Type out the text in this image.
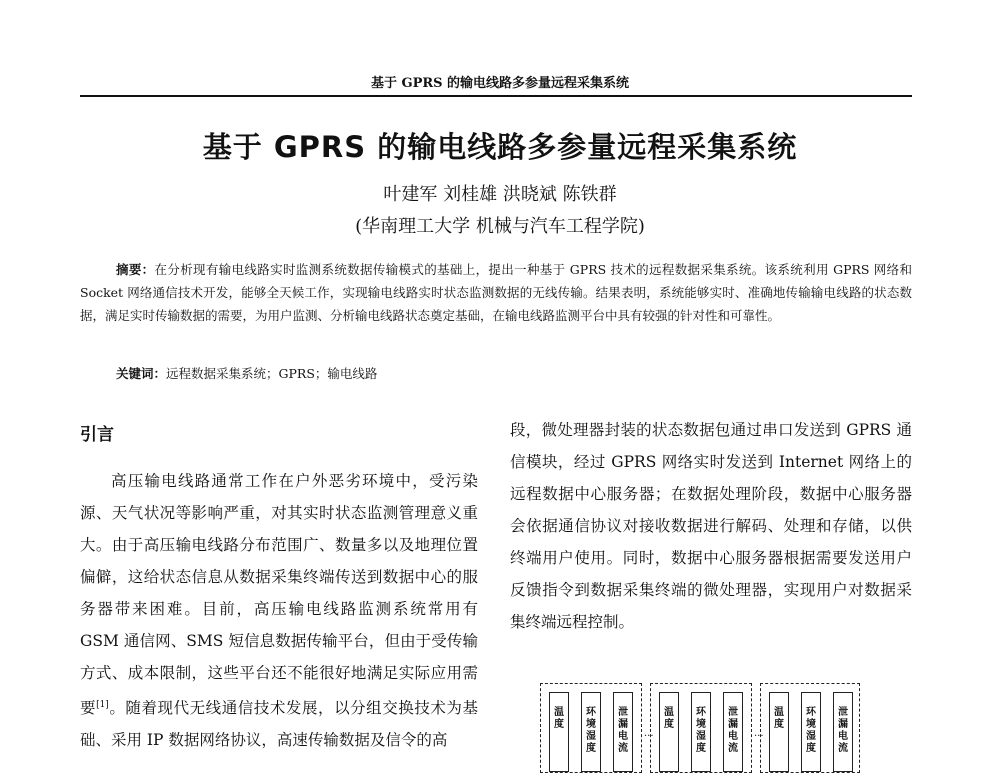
基于 GPRS 的输电线路多参量远程采集系统
基于 GPRS 的输电线路多参量远程采集系统
叶建军 刘桂雄 洪晓斌 陈铁群
(华南理工大学 机械与汽车工程学院)
摘要：在分析现有输电线路实时监测系统数据传输模式的基础上，提出一种基于 GPRS 技术的远程数据采集系统。该系统利用 GPRS 网络和 Socket 网络通信技术开发，能够全天候工作，实现输电线路实时状态监测数据的无线传输。结果表明，系统能够实时、准确地传输输电线路的状态数据，满足实时传输数据的需要，为用户监测、分析输电线路状态奠定基础，在输电线路监测平台中具有较强的针对性和可靠性。
关键词：远程数据采集系统；GPRS；输电线路
引言
高压输电线路通常工作在户外恶劣环境中，受污染源、天气状况等影响严重，对其实时状态监测管理意义重大。由于高压输电线路分布范围广、数量多以及地理位置偏僻，这给状态信息从数据采集终端传送到数据中心的服务器带来困难。目前，高压输电线路监测系统常用有 GSM 通信网、SMS 短信息数据传输平台，但由于受传输方式、成本限制，这些平台还不能很好地满足实际应用需要[1]。随着现代无线通信技术发展，以分组交换技术为基础、采用 IP 数据网络协议，高速传输数据及信令的高
段，微处理器封装的状态数据包通过串口发送到 GPRS 通信模块，经过 GPRS 网络实时发送到 Internet 网络上的远程数据中心服务器；在数据处理阶段，数据中心服务器会依据通信协议对接收数据进行解码、处理和存储，以供终端用户使用。同时，数据中心服务器根据需要发送用户反馈指令到数据采集终端的微处理器，实现用户对数据采集终端远程控制。
温度
环境湿度
泄漏电流
...
温度
环境湿度
泄漏电流
...
温度
环境湿度
泄漏电流
